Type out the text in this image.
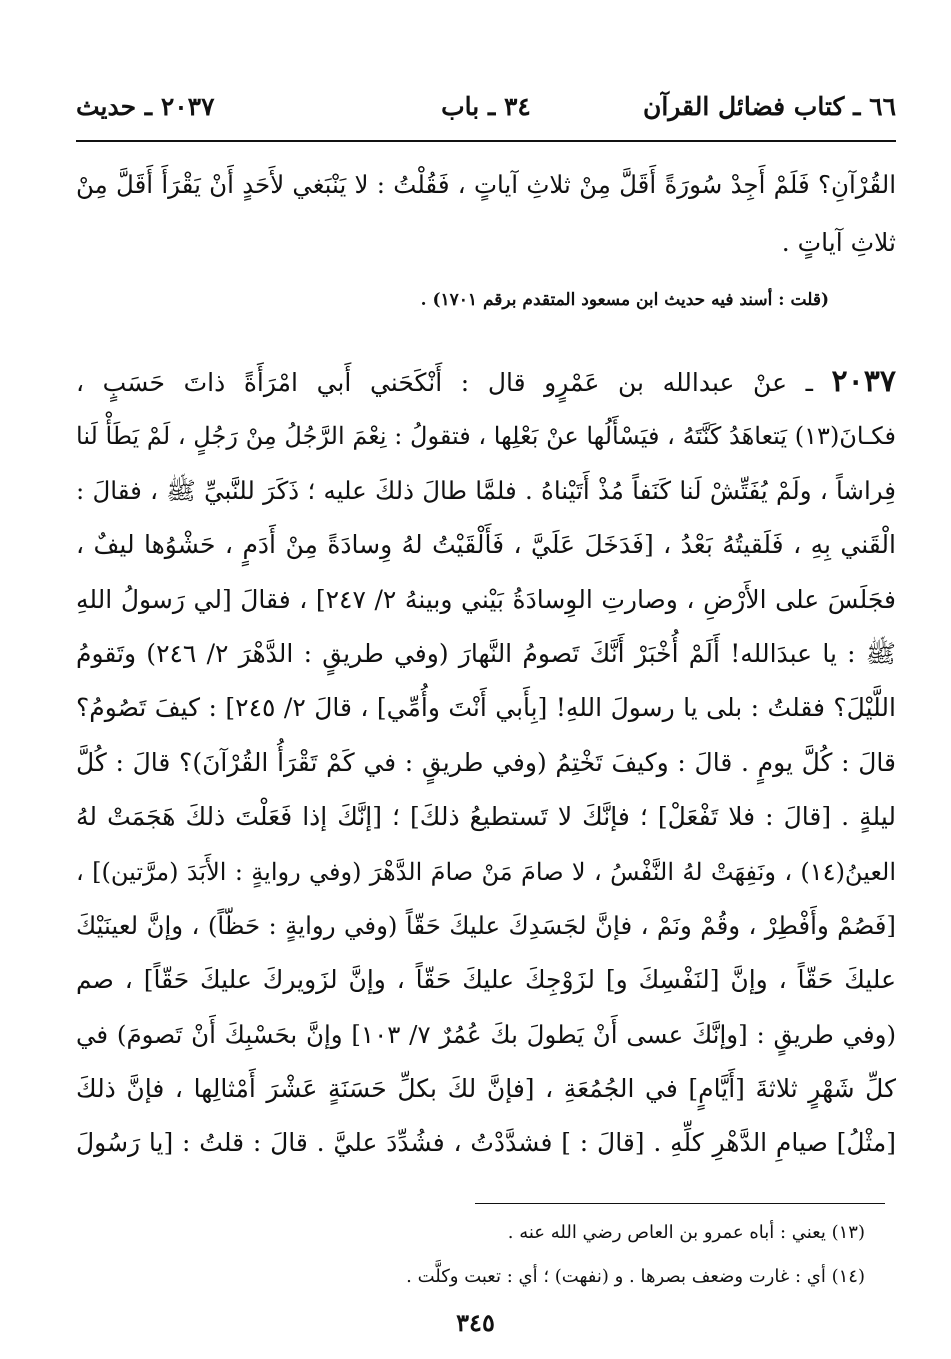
٦٦ ـ كتاب فضائل القرآن
٣٤ ـ باب
٢٠٣٧ ـ حديث
القُرْآنِ؟ فَلَمْ أَجِدْ سُورَةً أَقَلَّ مِنْ ثلاثِ آياتٍ ، فَقُلْتُ : لا يَنْبَغي لأَحَدٍ أَنْ يَقْرَأَ أَقَلَّ مِنْ
ثلاثِ آياتٍ .
(قلت : أسند فيه حديث ابن مسعود المتقدم برقم ١٧٠١) .
٢٠٣٧ ـ عنْ عبدالله بن عَمْرٍو قال : أَنْكَحَني أَبي امْرَأَةً ذاتَ حَسَبٍ ،
فكـانَ(١٣) يَتعاهَدُ كَنَّتَهُ ، فيَسْأَلُها عنْ بَعْلِها ، فتقولُ : نِعْمَ الرَّجُلُ مِنْ رَجُلٍ ، لَمْ يَطَأْ لَنا
فِراشاً ، ولَمْ يُفَتِّشْ لَنا كَنَفاً مُذْ أَتَيْناهُ . فلمَّا طالَ ذلكَ عليه ؛ ذَكَرَ للنَّبيِّ ﷺ ، فقالَ :
الْقَني بِهِ ، فَلَقيتُهُ بَعْدُ ، [فَدَخَلَ عَلَيَّ ، فَأَلْقَيْتُ لهُ وِسادَةً مِنْ أَدَمٍ ، حَشْوُها ليفٌ ،
فجَلَسَ على الأَرْضِ ، وصارتِ الوِسادَةُ بَيْني وبينهُ ٢/ ٢٤٧] ، فقالَ [لي رَسولُ اللهِ
ﷺ : يا عبدَالله! أَلَمْ أُخْبَرْ أَنَّكَ تَصومُ النَّهارَ (وفي طريقٍ : الدَّهْرَ ٢/ ٢٤٦) وتَقومُ
اللَّيْلَ؟ فقلتُ : بلى يا رسولَ اللهِ! [بِأَبي أَنْتَ وأُمِّي] ، قالَ ٢/ ٢٤٥] : كيفَ تَصُومُ؟
قالَ : كُلَّ يومٍ . قالَ : وكيفَ تَخْتِمُ (وفي طريقٍ : في كَمْ تَقْرَأُ القُرْآنَ)؟ قالَ : كُلَّ
ليلةٍ . [قالَ : فلا تَفْعَلْ] ؛ فإنَّكَ لا تَستطيعُ ذلكَ] ؛ [إنَّكَ إذا فَعَلْتَ ذلكَ هَجَمَتْ لهُ
العينُ(١٤) ، ونَفِهَتْ لهُ النَّفْسُ ، لا صامَ مَنْ صامَ الدَّهْرَ (وفي روايةٍ : الأَبَدَ (مرَّتين)] ،
[فَصُمْ وأَفْطِرْ ، وقُمْ ونَمْ ، فإنَّ لجَسَدِكَ عليكَ حَقّاً (وفي روايةٍ : حَظّاً) ، وإنَّ لعينَيْكَ
عليكَ حَقّاً ، وإنَّ [لنَفْسِكَ و] لزَوْجِكَ عليكَ حَقّاً ، وإنَّ لزَويركَ عليكَ حَقّاً] ، صم
(وفي طريقٍ : [وإنَّكَ عسى أَنْ يَطولَ بكَ عُمُرٌ ٧/ ١٠٣] وإنَّ بحَسْبِكَ أَنْ تَصومَ) في
كلِّ شَهْرٍ ثلاثةَ [أَيَّامٍ] في الجُمُعَةِ ، [فإنَّ لكَ بكلِّ حَسَنَةٍ عَشْرَ أَمْثالِها ، فإنَّ ذلكَ
[مثْلُ] صيامِ الدَّهْرِ كلِّهِ . [قالَ : ] فشدَّدْتُ ، فشُدِّدَ عليَّ . قالَ : قلتُ : [يا رَسُولَ
(١٣) يعني : أباه عمرو بن العاص رضي الله عنه .
(١٤) أي : غارت وضعف بصرها . و (نفهت) ؛ أي : تعبت وكلَّت .
٣٤٥
